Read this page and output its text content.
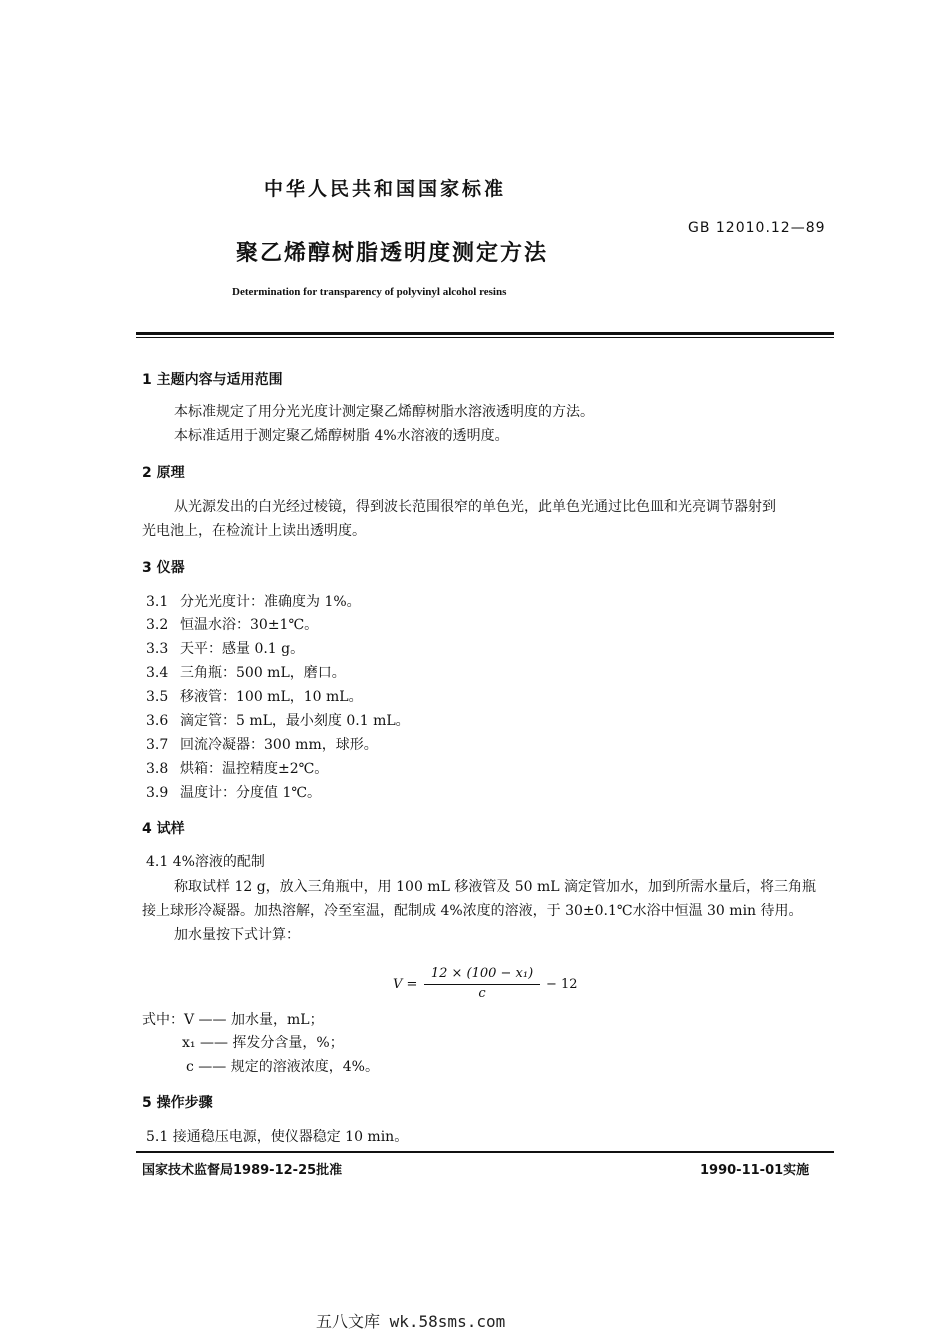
中华人民共和国国家标准
GB 12010.12—89
聚乙烯醇树脂透明度测定方法
Determination for transparency of polyvinyl alcohol resins
1 主题内容与适用范围
本标准规定了用分光光度计测定聚乙烯醇树脂水溶液透明度的方法。
本标准适用于测定聚乙烯醇树脂 4%水溶液的透明度。
2 原理
从光源发出的白光经过棱镜，得到波长范围很窄的单色光，此单色光通过比色皿和光亮调节器射到
光电池上，在检流计上读出透明度。
3 仪器
3.1 分光光度计：准确度为 1%。
3.2 恒温水浴：30±1℃。
3.3 天平：感量 0.1 g。
3.4 三角瓶：500 mL，磨口。
3.5 移液管：100 mL，10 mL。
3.6 滴定管：5 mL，最小刻度 0.1 mL。
3.7 回流冷凝器：300 mm，球形。
3.8 烘箱：温控精度±2℃。
3.9 温度计：分度值 1℃。
4 试样
4.1 4%溶液的配制
称取试样 12 g，放入三角瓶中，用 100 mL 移液管及 50 mL 滴定管加水，加到所需水量后，将三角瓶
接上球形冷凝器。加热溶解，冷至室温，配制成 4%浓度的溶液，于 30±0.1℃水浴中恒温 30 min 待用。
加水量按下式计算：
V =
12 × (100 − x₁)
c
− 12
式中：V —— 加水量，mL；
x₁ —— 挥发分含量，%；
c —— 规定的溶液浓度，4%。
5 操作步骤
5.1 接通稳压电源，使仪器稳定 10 min。
国家技术监督局1989-12-25批准	1990-11-01实施
五八文库 wk.58sms.com
